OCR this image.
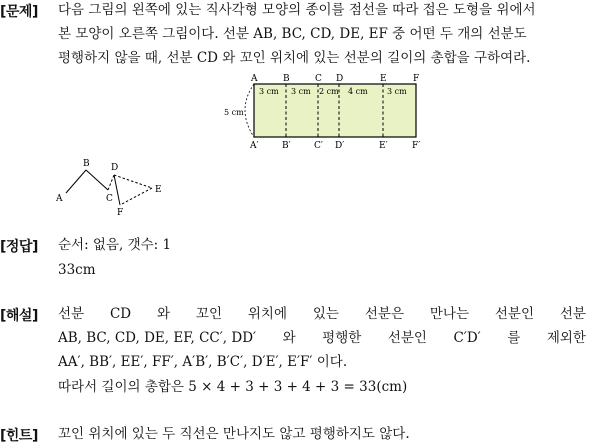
[문제] 다음 그림의 왼쪽에 있는 직사각형 모양의 종이를 점선을 따라 접은 도형을 위에서
본 모양이 오른쪽 그림이다. 선분 AB, BC, CD, DE, EF 중 어떤 두 개의 선분도
평행하지 않을 때, 선분 CD 와 꼬인 위치에 있는 선분의 길이의 총합을 구하여라.
5 cm
A	B	C D	E	F
3 cm 3 cm 2 cm 4 cm 3 cm
A′	B′	C′ D′	E′	F′
A
B
C
D
E
F
[정답] 순서: 없음, 갯수: 1
33cm
[해설] 선분 CD 와 꼬인 위치에 있는 선분은 만나는 선분인 선분
AB, BC, CD, DE, EF, CC′, DD′ 와 평행한 선분인 C′D′ 를 제외한
AA′, BB′, EE′, FF′, A′B′, B′C′, D′E′, E′F′ 이다.
따라서 길이의 총합은 5 × 4 + 3 + 3 + 4 + 3 = 33(cm)
[힌트] 꼬인 위치에 있는 두 직선은 만나지도 않고 평행하지도 않다.
